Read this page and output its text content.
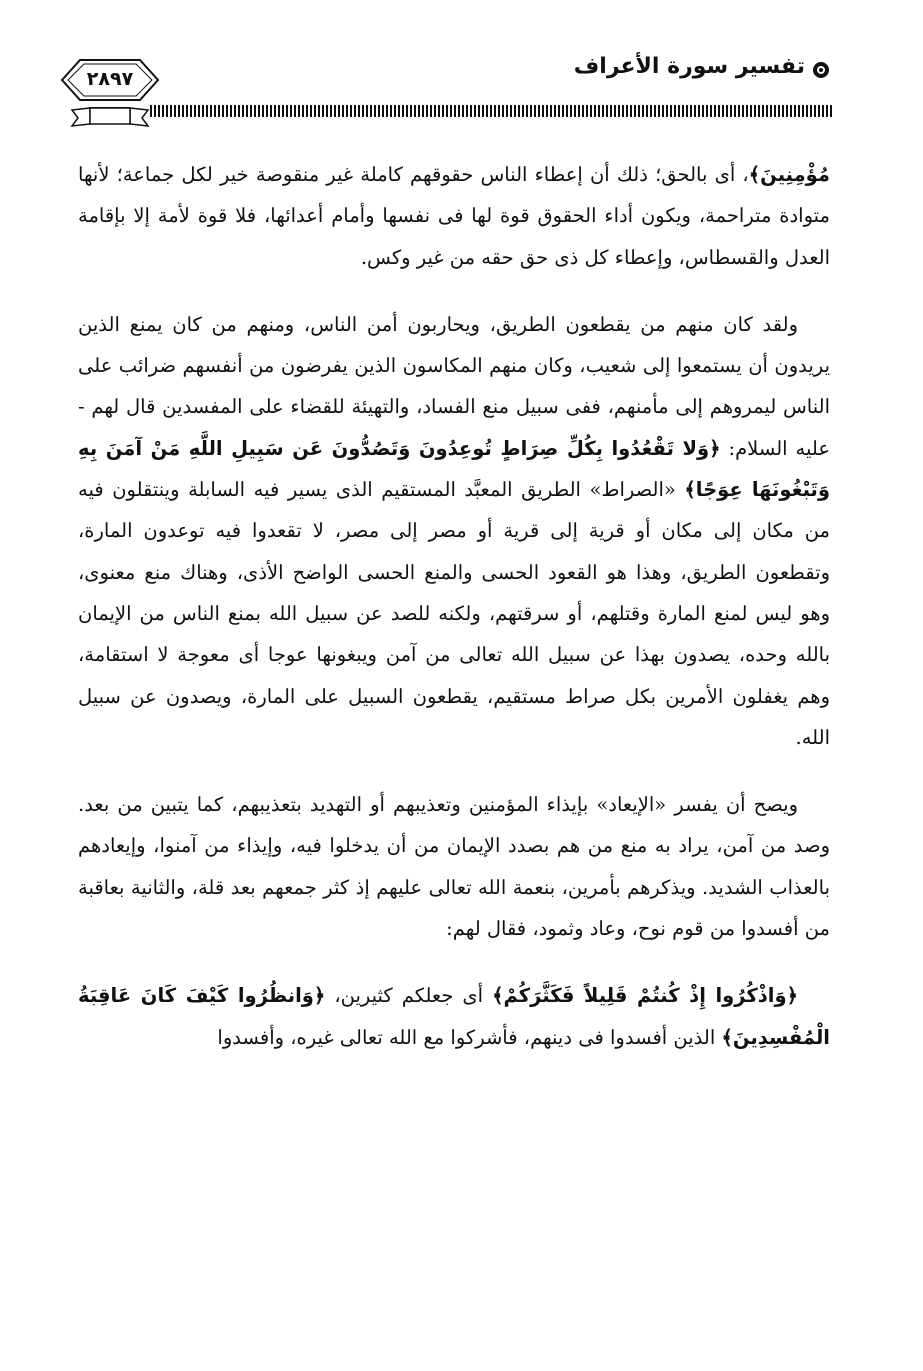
تفسير سورة الأعراف
٢٨٩٧

مُؤْمِنِينَ﴾، أى بالحق؛ ذلك أن إعطاء الناس حقوقهم كاملة غير منقوصة خير لكل جماعة؛ لأنها متوادة متراحمة، ويكون أداء الحقوق قوة لها فى نفسها وأمام أعدائها، فلا قوة لأمة إلا بإقامة العدل والقسطاس، وإعطاء كل ذى حق حقه من غير وكس.

ولقد كان منهم من يقطعون الطريق، ويحاربون أمن الناس، ومنهم من كان يمنع الذين يريدون أن يستمعوا إلى شعيب، وكان منهم المكاسون الذين يفرضون من أنفسهم ضرائب على الناس ليمروهم إلى مأمنهم، ففى سبيل منع الفساد، والتهيئة للقضاء على المفسدين قال لهم - عليه السلام: ﴿وَلا تَقْعُدُوا بِكُلِّ صِرَاطٍ تُوعِدُونَ وَتَصُدُّونَ عَن سَبِيلِ اللَّهِ مَنْ آمَنَ بِهِ وَتَبْغُونَهَا عِوَجًا﴾ «الصراط» الطريق المعبَّد المستقيم الذى يسير فيه السابلة وينتقلون فيه من مكان إلى مكان أو قرية إلى قرية أو مصر إلى مصر، لا تقعدوا فيه توعدون المارة، وتقطعون الطريق، وهذا هو القعود الحسى والمنع الحسى الواضح الأذى، وهناك منع معنوى، وهو ليس لمنع المارة وقتلهم، أو سرقتهم، ولكنه للصد عن سبيل الله بمنع الناس من الإيمان بالله وحده، يصدون بهذا عن سبيل الله تعالى من آمن ويبغونها عوجا أى معوجة لا استقامة، وهم يغفلون الأمرين بكل صراط مستقيم، يقطعون السبيل على المارة، ويصدون عن سبيل الله.

ويصح أن يفسر «الإيعاد» بإيذاء المؤمنين وتعذيبهم أو التهديد بتعذيبهم، كما يتبين من بعد. وصد من آمن، يراد به منع من هم بصدد الإيمان من أن يدخلوا فيه، وإيذاء من آمنوا، وإيعادهم بالعذاب الشديد. ويذكرهم بأمرين، بنعمة الله تعالى عليهم إذ كثر جمعهم بعد قلة، والثانية بعاقبة من أفسدوا من قوم نوح، وعاد وثمود، فقال لهم:

﴿وَاذْكُرُوا إِذْ كُنتُمْ قَلِيلاً فَكَثَّرَكُمْ﴾ أى جعلكم كثيرين، ﴿وَانظُرُوا كَيْفَ كَانَ عَاقِبَةُ الْمُفْسِدِينَ﴾ الذين أفسدوا فى دينهم، فأشركوا مع الله تعالى غيره، وأفسدوا
